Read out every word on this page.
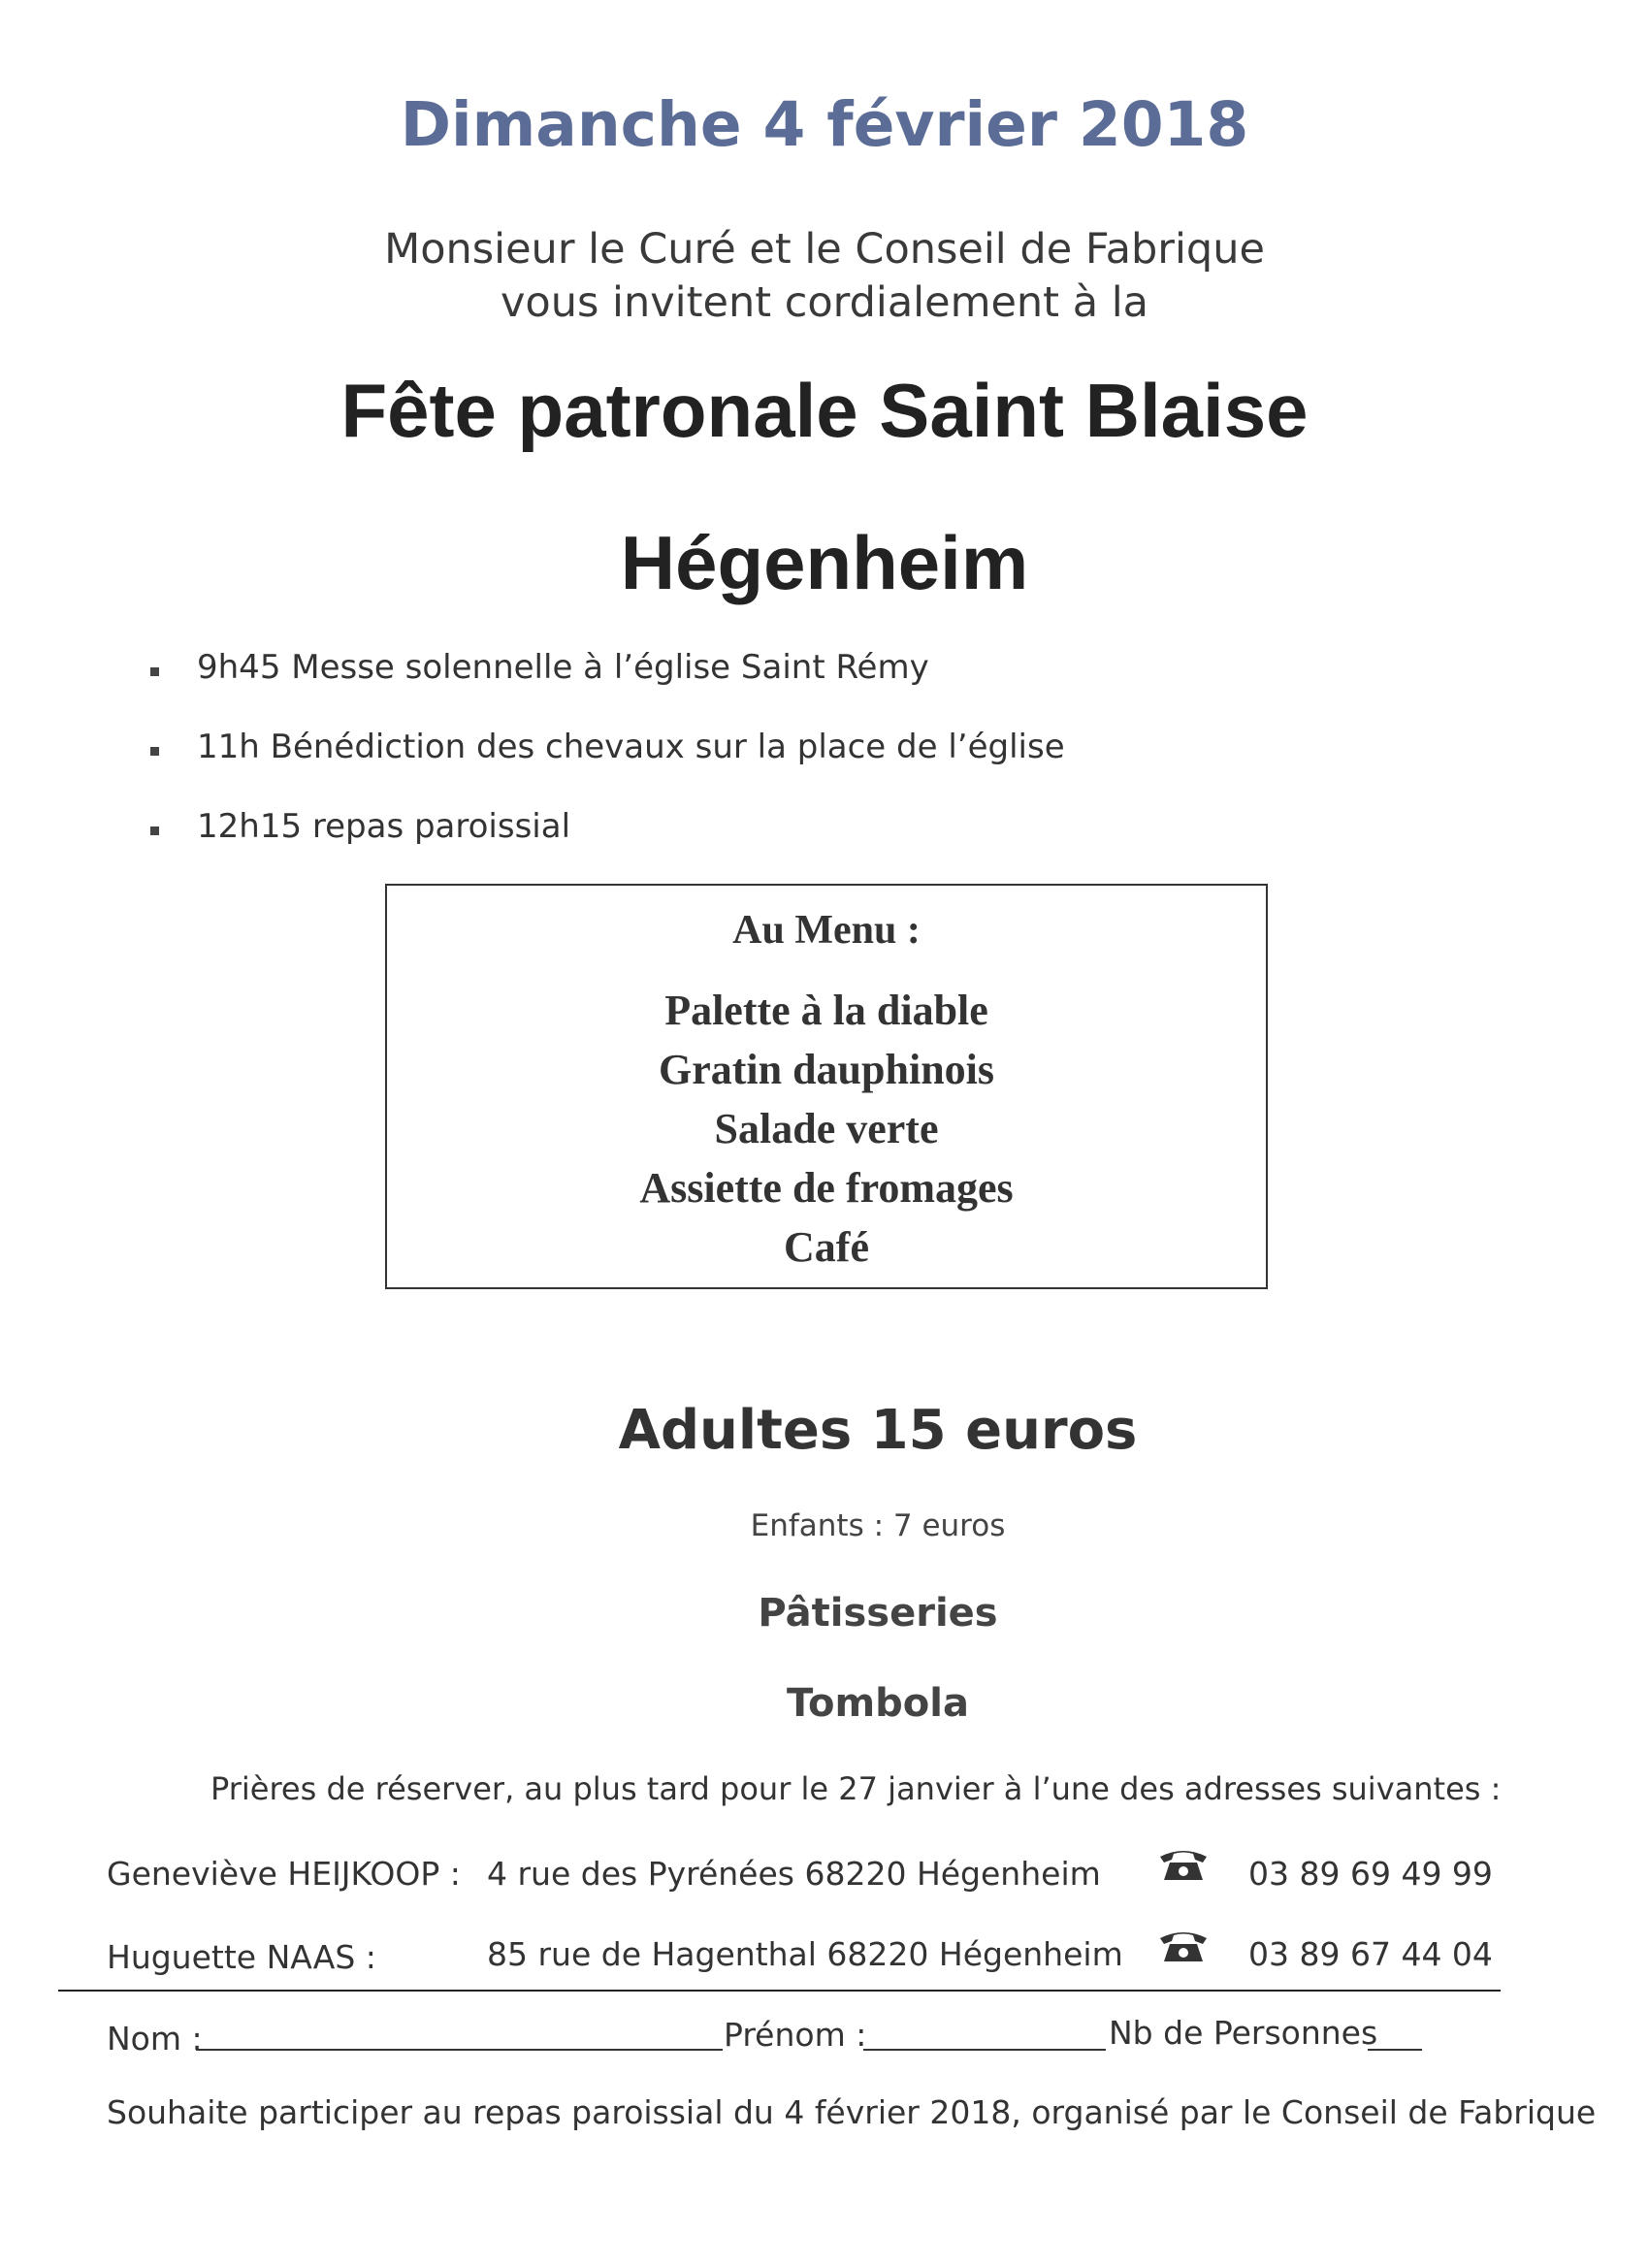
Dimanche 4 février 2018
Monsieur le Curé et le Conseil de Fabrique
vous invitent cordialement à la
Fête patronale Saint Blaise
Hégenheim
9h45 Messe solennelle à l’église Saint Rémy
11h Bénédiction des chevaux sur la place de l’église
12h15 repas paroissial
Au Menu :
Palette à la diable
Gratin dauphinois
Salade verte
Assiette de fromages
Café
Adultes 15 euros
Enfants : 7 euros
Pâtisseries
Tombola
Prières de réserver, au plus tard pour le 27 janvier à l’une des adresses suivantes :
Geneviève HEIJKOOP : 4 rue des Pyrénées 68220 Hégenheim	03 89 69 49 99
Huguette NAAS :	85 rue de Hagenthal 68220 Hégenheim	03 89 67 44 04
Nom :	Prénom :	Nb de Personnes
Souhaite participer au repas paroissial du 4 février 2018, organisé par le Conseil de Fabrique
